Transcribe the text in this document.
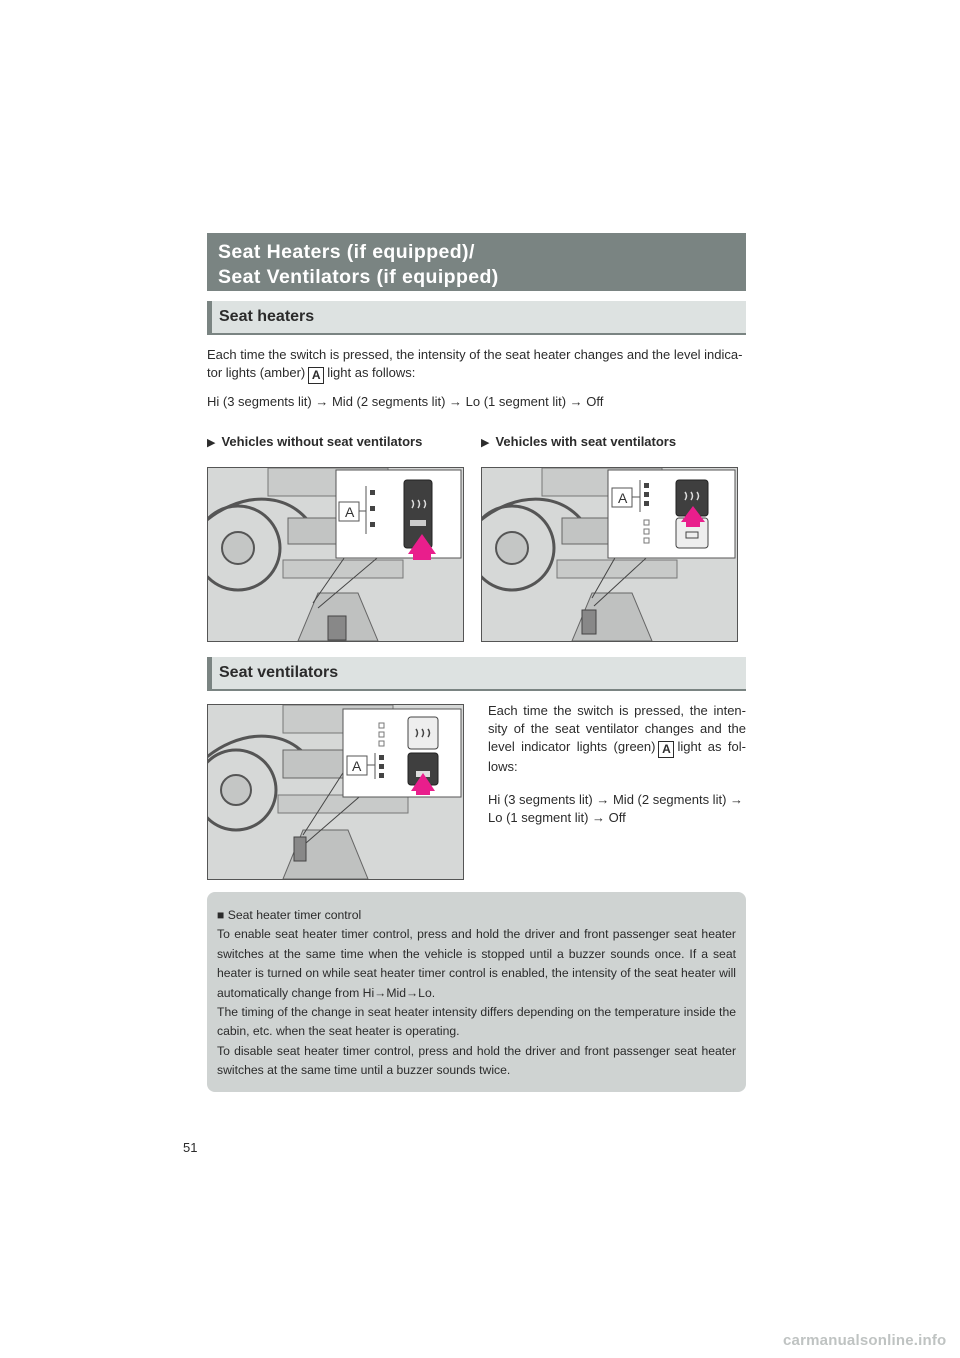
Seat Heaters (if equipped)/
Seat Ventilators (if equipped)
Seat heaters
Each time the switch is pressed, the intensity of the seat heater changes and the level indica-tor lights (amber) A light as follows:
Hi (3 segments lit) → Mid (2 segments lit) → Lo (1 segment lit) → Off
▶ Vehicles without seat ventilators	▶ Vehicles with seat ventilators
A
A
Seat ventilators
A
Each time the switch is pressed, the inten-sity of the seat ventilator changes and the level indicator lights (green) A light as fol-lows:
Hi (3 segments lit) → Mid (2 segments lit) → Lo (1 segment lit) → Off
■ Seat heater timer control
To enable seat heater timer control, press and hold the driver and front passenger seat heater switches at the same time when the vehicle is stopped until a buzzer sounds once. If a seat heater is turned on while seat heater timer control is enabled, the intensity of the seat heater will automatically change from Hi→Mid→Lo.
The timing of the change in seat heater intensity differs depending on the temperature inside the cabin, etc. when the seat heater is operating.
To disable seat heater timer control, press and hold the driver and front passenger seat heater switches at the same time until a buzzer sounds twice.
51
carmanualsonline.info
